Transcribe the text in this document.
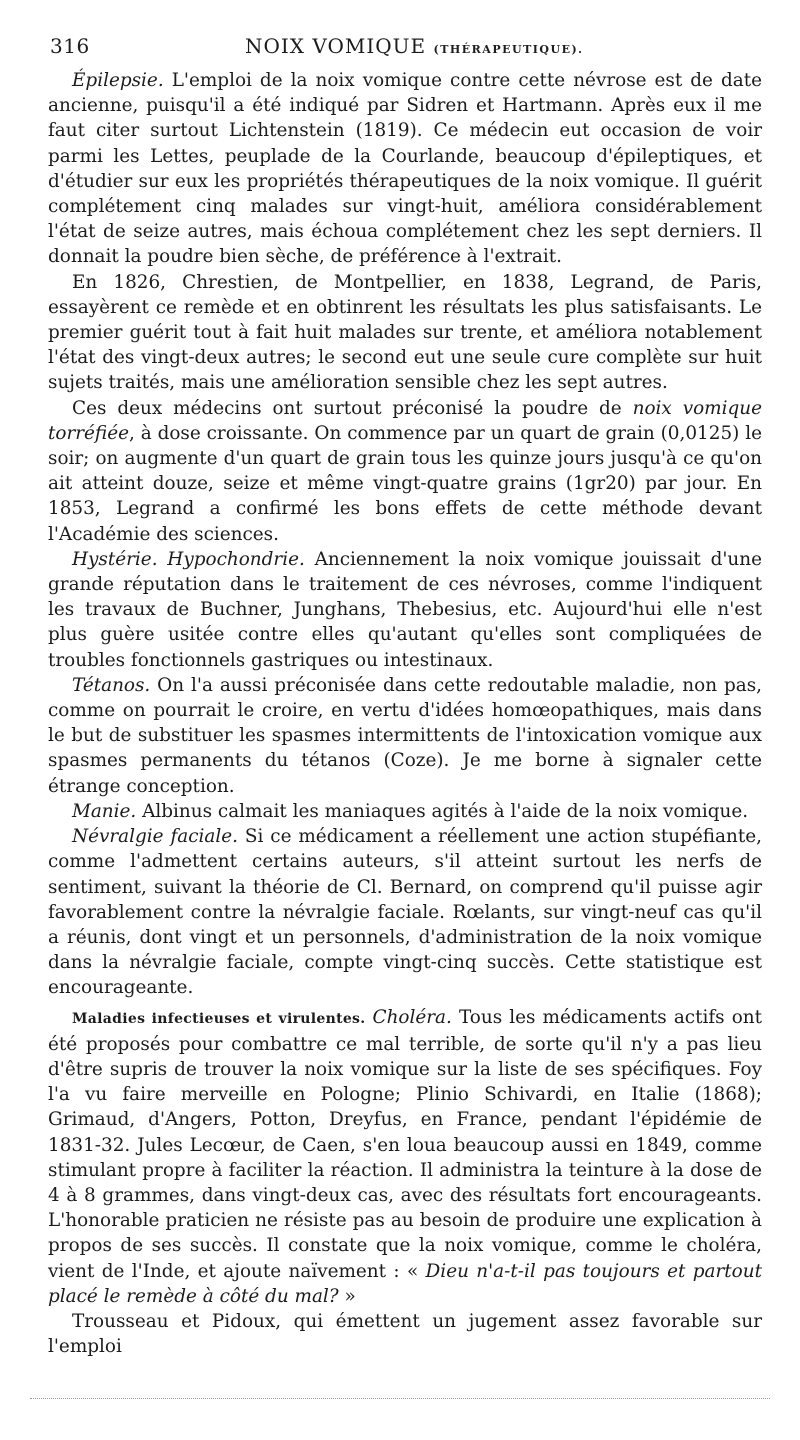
316	NOIX VOMIQUE (THÉRAPEUTIQUE).

Épilepsie. L'emploi de la noix vomique contre cette névrose est de date ancienne, puisqu'il a été indiqué par Sidren et Hartmann. Après eux il me faut citer surtout Lichtenstein (1819). Ce médecin eut occasion de voir parmi les Lettes, peuplade de la Courlande, beaucoup d'épileptiques, et d'étudier sur eux les propriétés thérapeutiques de la noix vomique. Il guérit complétement cinq malades sur vingt-huit, améliora considérablement l'état de seize autres, mais échoua complétement chez les sept derniers. Il donnait la poudre bien sèche, de préférence à l'extrait.

En 1826, Chrestien, de Montpellier, en 1838, Legrand, de Paris, essayèrent ce remède et en obtinrent les résultats les plus satisfaisants. Le premier guérit tout à fait huit malades sur trente, et améliora notablement l'état des vingt-deux autres; le second eut une seule cure complète sur huit sujets traités, mais une amélioration sensible chez les sept autres.

Ces deux médecins ont surtout préconisé la poudre de noix vomique torréfiée, à dose croissante. On commence par un quart de grain (0,0125) le soir; on augmente d'un quart de grain tous les quinze jours jusqu'à ce qu'on ait atteint douze, seize et même vingt-quatre grains (1gr20) par jour. En 1853, Legrand a confirmé les bons effets de cette méthode devant l'Académie des sciences.

Hystérie. Hypochondrie. Anciennement la noix vomique jouissait d'une grande réputation dans le traitement de ces névroses, comme l'indiquent les travaux de Buchner, Junghans, Thebesius, etc. Aujourd'hui elle n'est plus guère usitée contre elles qu'autant qu'elles sont compliquées de troubles fonctionnels gastriques ou intestinaux.

Tétanos. On l'a aussi préconisée dans cette redoutable maladie, non pas, comme on pourrait le croire, en vertu d'idées homœopathiques, mais dans le but de substituer les spasmes intermittents de l'intoxication vomique aux spasmes permanents du tétanos (Coze). Je me borne à signaler cette étrange conception.

Manie. Albinus calmait les maniaques agités à l'aide de la noix vomique.

Névralgie faciale. Si ce médicament a réellement une action stupéfiante, comme l'admettent certains auteurs, s'il atteint surtout les nerfs de sentiment, suivant la théorie de Cl. Bernard, on comprend qu'il puisse agir favorablement contre la névralgie faciale. Rœlants, sur vingt-neuf cas qu'il a réunis, dont vingt et un personnels, d'administration de la noix vomique dans la névralgie faciale, compte vingt-cinq succès. Cette statistique est encourageante.

Maladies infectieuses et virulentes. Choléra. Tous les médicaments actifs ont été proposés pour combattre ce mal terrible, de sorte qu'il n'y a pas lieu d'être supris de trouver la noix vomique sur la liste de ses spécifiques. Foy l'a vu faire merveille en Pologne; Plinio Schivardi, en Italie (1868); Grimaud, d'Angers, Potton, Dreyfus, en France, pendant l'épidémie de 1831-32. Jules Lecœur, de Caen, s'en loua beaucoup aussi en 1849, comme stimulant propre à faciliter la réaction. Il administra la teinture à la dose de 4 à 8 grammes, dans vingt-deux cas, avec des résultats fort encourageants. L'honorable praticien ne résiste pas au besoin de produire une explication à propos de ses succès. Il constate que la noix vomique, comme le choléra, vient de l'Inde, et ajoute naïvement : « Dieu n'a-t-il pas toujours et partout placé le remède à côté du mal? »

Trousseau et Pidoux, qui émettent un jugement assez favorable sur l'emploi
